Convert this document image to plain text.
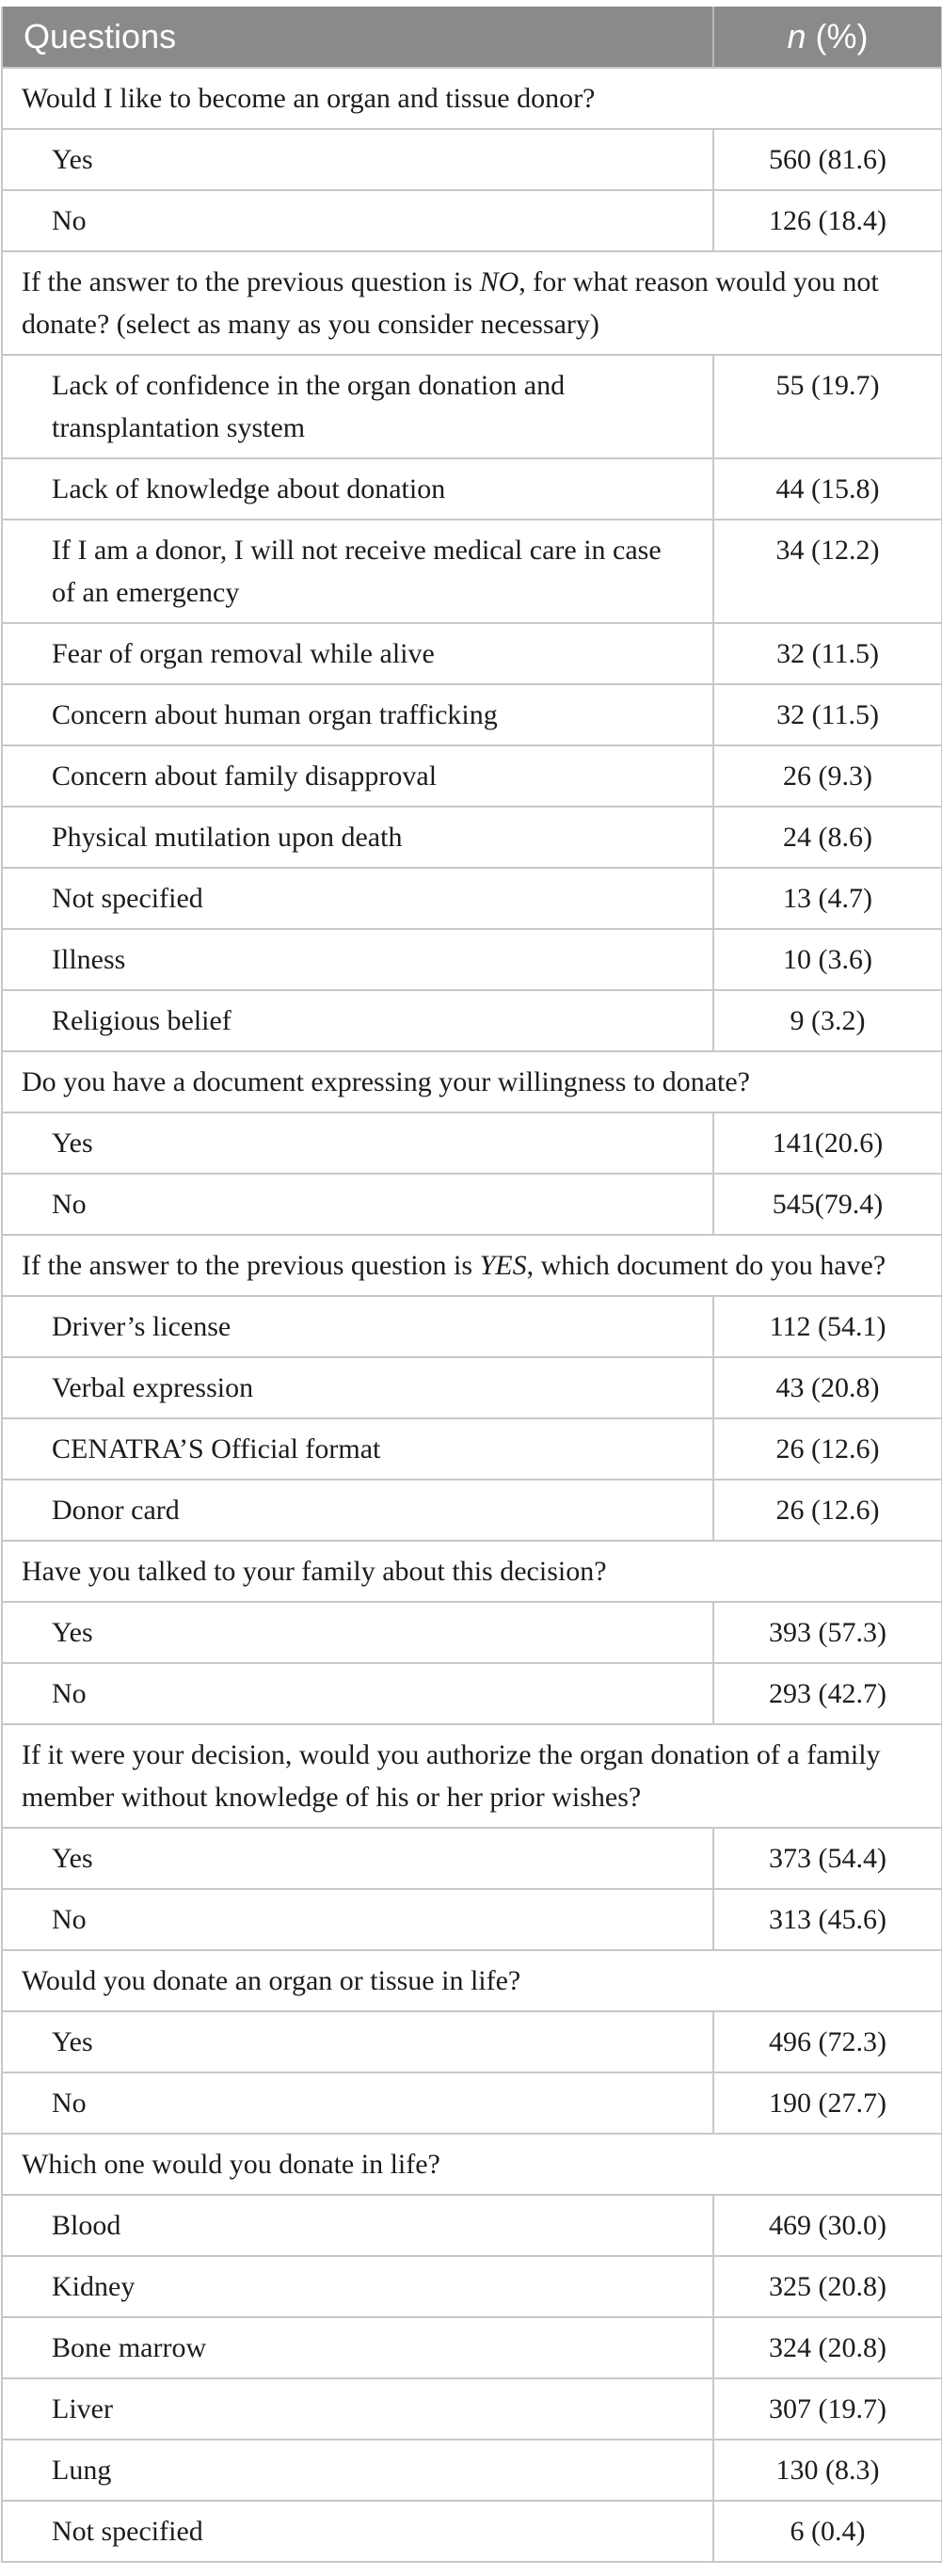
Questions	n (%)
Would I like to become an organ and tissue donor?	
Yes	560 (81.6)
No	126 (18.4)
If the answer to the previous question is NO, for what reason would you not donate? (select as many as you consider necessary)	
Lack of confidence in the organ donation and transplantation system	55 (19.7)
Lack of knowledge about donation	44 (15.8)
If I am a donor, I will not receive medical care in case of an emergency	34 (12.2)
Fear of organ removal while alive	32 (11.5)
Concern about human organ trafficking	32 (11.5)
Concern about family disapproval	26 (9.3)
Physical mutilation upon death	24 (8.6)
Not specified	13 (4.7)
Illness	10 (3.6)
Religious belief	9 (3.2)
Do you have a document expressing your willingness to donate?	
Yes	141(20.6)
No	545(79.4)
If the answer to the previous question is YES, which document do you have?	
Driver’s license	112 (54.1)
Verbal expression	43 (20.8)
CENATRA’S Official format	26 (12.6)
Donor card	26 (12.6)
Have you talked to your family about this decision?	
Yes	393 (57.3)
No	293 (42.7)
If it were your decision, would you authorize the organ donation of a family member without knowledge of his or her prior wishes?	
Yes	373 (54.4)
No	313 (45.6)
Would you donate an organ or tissue in life?	
Yes	496 (72.3)
No	190 (27.7)
Which one would you donate in life?	
Blood	469 (30.0)
Kidney	325 (20.8)
Bone marrow	324 (20.8)
Liver	307 (19.7)
Lung	130 (8.3)
Not specified	6 (0.4)
